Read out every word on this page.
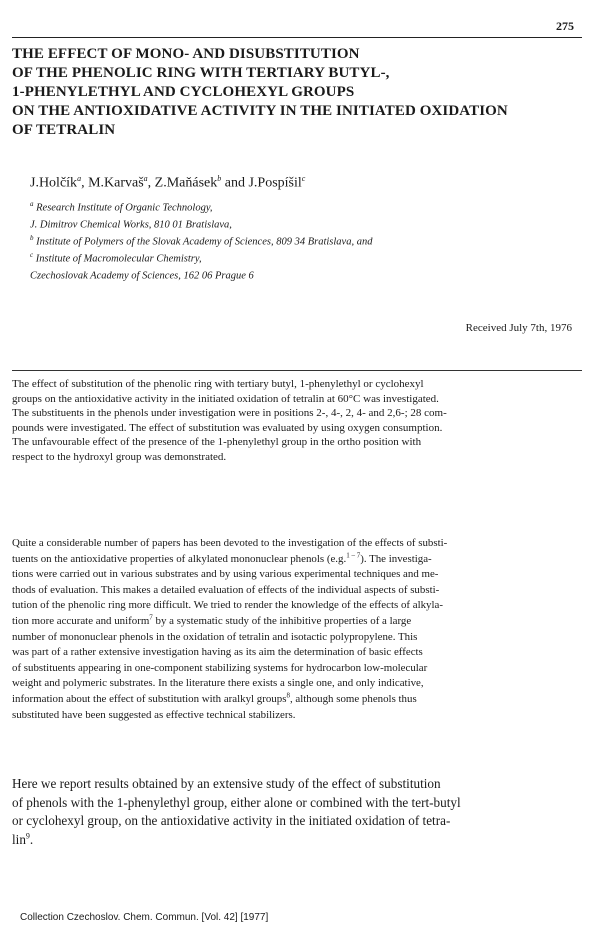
275
THE EFFECT OF MONO- AND DISUBSTITUTION
OF THE PHENOLIC RING WITH TERTIARY BUTYL-,
1-PHENYLETHYL AND CYCLOHEXYL GROUPS
ON THE ANTIOXIDATIVE ACTIVITY IN THE INITIATED OXIDATION
OF TETRALIN
J.Holčík$^a$, M.Karvaš$^a$, Z.Maňásek$^b$ and J.Pospíšil$^c$
$^a$ Research Institute of Organic Technology,
J. Dimitrov Chemical Works, 810 01 Bratislava,
$^b$ Institute of Polymers of the Slovak Academy of Sciences, 809 34 Bratislava, and
$^c$ Institute of Macromolecular Chemistry,
Czechoslovak Academy of Sciences, 162 06 Prague 6
Received July 7th, 1976
The effect of substitution of the phenolic ring with tertiary butyl, 1-phenylethyl or cyclohexyl
groups on the antioxidative activity in the initiated oxidation of tetralin at 60°C was investigated.
The substituents in the phenols under investigation were in positions 2-, 4-, 2, 4- and 2,6-; 28 com-
pounds were investigated. The effect of substitution was evaluated by using oxygen consumption.
The unfavourable effect of the presence of the 1-phenylethyl group in the ortho position with
respect to the hydroxyl group was demonstrated.
Quite a considerable number of papers has been devoted to the investigation of the effects of substi-
tuents on the antioxidative properties of alkylated mononuclear phenols (e.g.$^{1 - 7}$). The investiga-
tions were carried out in various substrates and by using various experimental techniques and me-
thods of evaluation. This makes a detailed evaluation of effects of the individual aspects of substi-
tution of the phenolic ring more difficult. We tried to render the knowledge of the effects of alkyla-
tion more accurate and uniform$^7$ by a systematic study of the inhibitive properties of a large
number of mononuclear phenols in the oxidation of tetralin and isotactic polypropylene. This
was part of a rather extensive investigation having as its aim the determination of basic effects
of substituents appearing in one-component stabilizing systems for hydrocarbon low-molecular
weight and polymeric substrates. In the literature there exists a single one, and only indicative,
information about the effect of substitution with aralkyl groups$^8$, although some phenols thus
substituted have been suggested as effective technical stabilizers.
Here we report results obtained by an extensive study of the effect of substitution
of phenols with the 1-phenylethyl group, either alone or combined with the tert-butyl
or cyclohexyl group, on the antioxidative activity in the initiated oxidation of tetra-
lin$^9$.
Collection Czechoslov. Chem. Commun. [Vol. 42] [1977]
